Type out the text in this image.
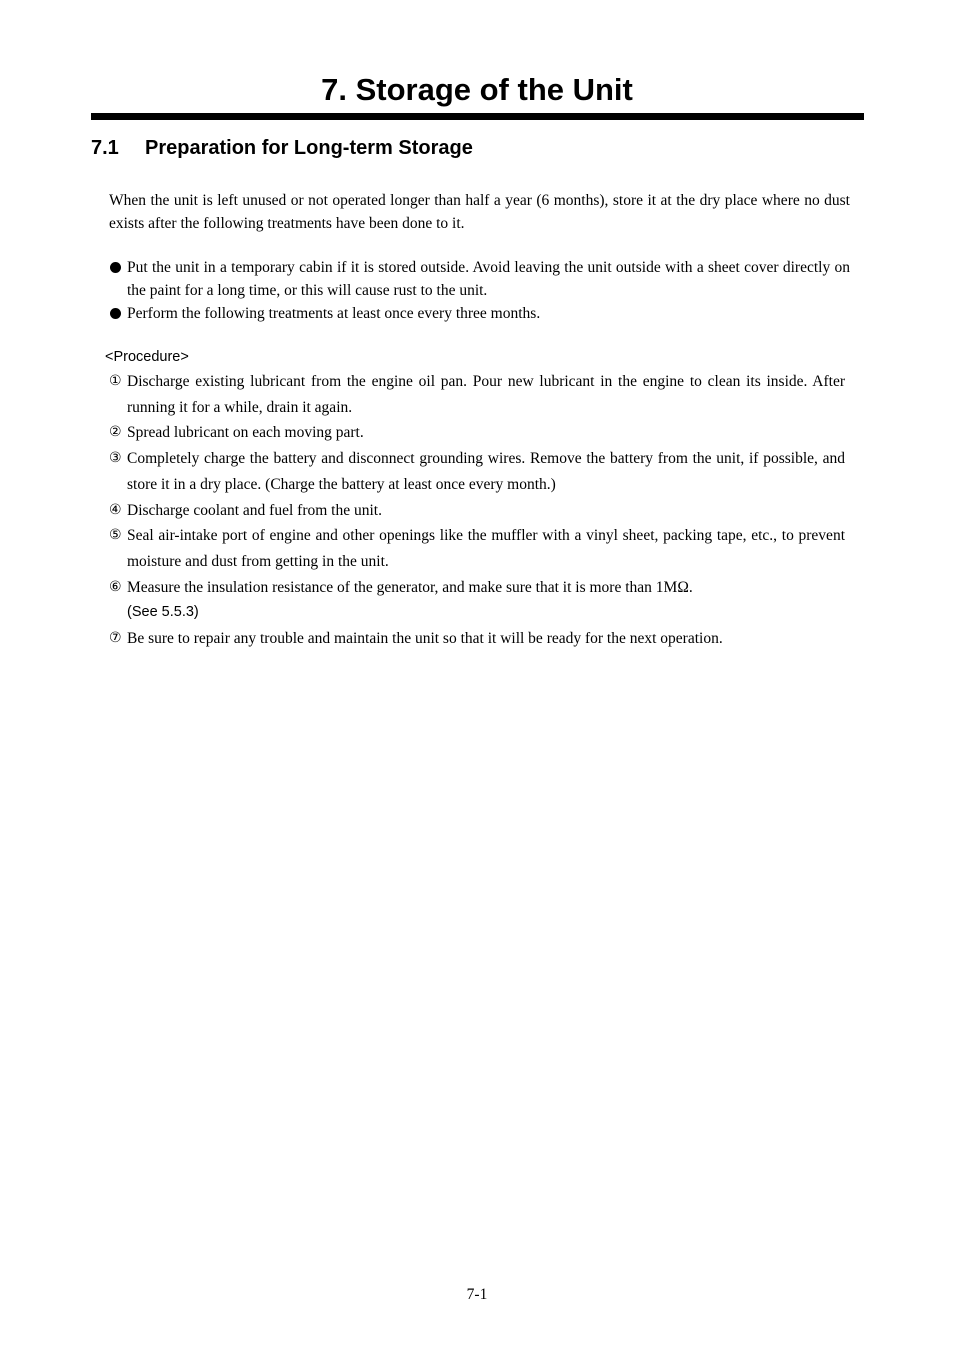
7. Storage of the Unit
7.1 Preparation for Long-term Storage

When the unit is left unused or not operated longer than half a year (6 months), store it at the dry place where no dust exists after the following treatments have been done to it.

Put the unit in a temporary cabin if it is stored outside. Avoid leaving the unit outside with a sheet cover directly on the paint for a long time, or this will cause rust to the unit.
Perform the following treatments at least once every three months.

<Procedure>

① Discharge existing lubricant from the engine oil pan. Pour new lubricant in the engine to clean its inside. After running it for a while, drain it again.
② Spread lubricant on each moving part.
③ Completely charge the battery and disconnect grounding wires. Remove the battery from the unit, if possible, and store it in a dry place. (Charge the battery at least once every month.)
④ Discharge coolant and fuel from the unit.
⑤ Seal air-intake port of engine and other openings like the muffler with a vinyl sheet, packing tape, etc., to prevent moisture and dust from getting in the unit.
⑥ Measure the insulation resistance of the generator, and make sure that it is more than 1MΩ.
(See 5.5.3)
⑦ Be sure to repair any trouble and maintain the unit so that it will be ready for the next operation.

7-1
